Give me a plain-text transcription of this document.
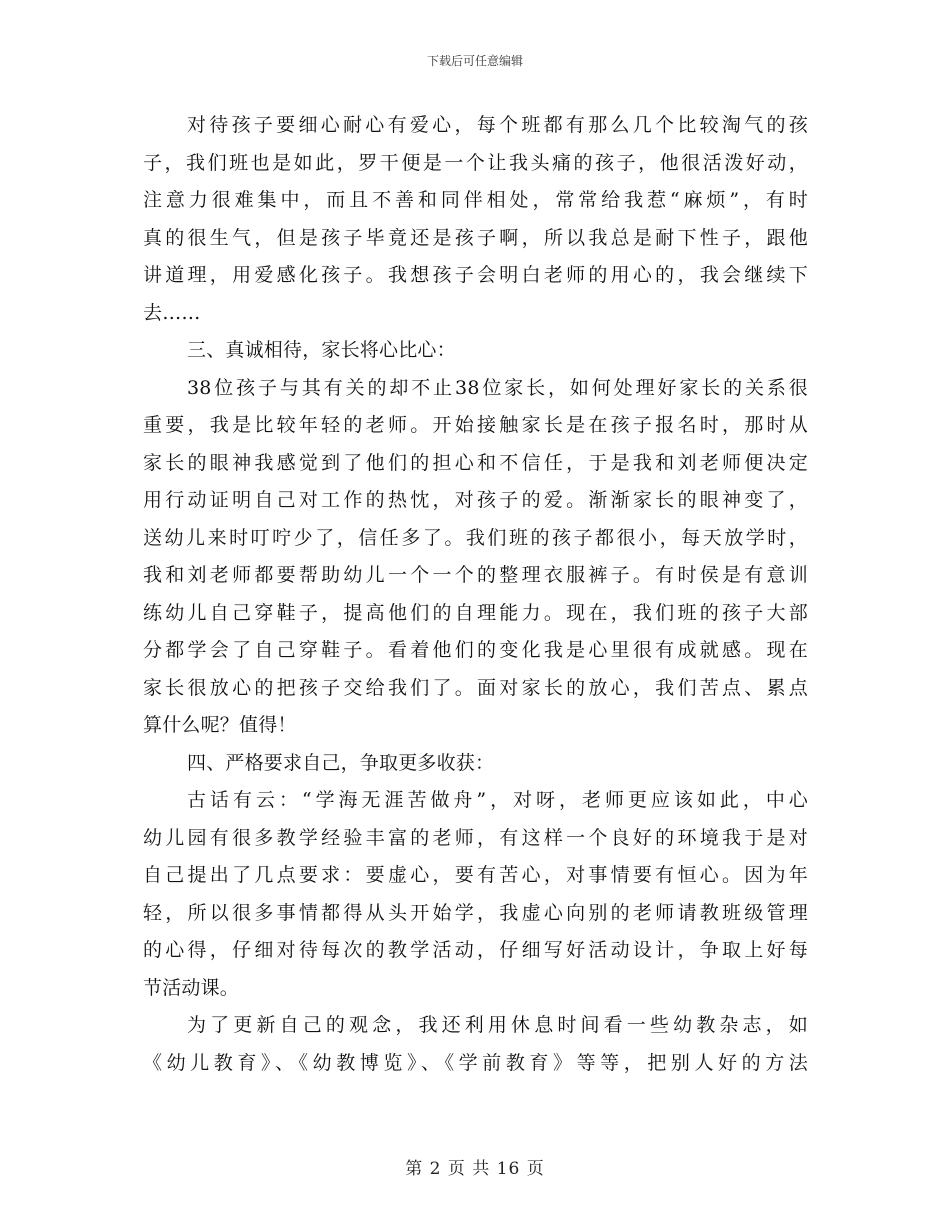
下载后可任意编辑
对待孩子要细心耐心有爱心，每个班都有那么几个比较淘气的孩
子，我们班也是如此，罗干便是一个让我头痛的孩子，他很活泼好动，
注意力很难集中，而且不善和同伴相处，常常给我惹“麻烦”，有时
真的很生气，但是孩子毕竟还是孩子啊，所以我总是耐下性子，跟他
讲道理，用爱感化孩子。我想孩子会明白老师的用心的，我会继续下
去……
三、真诚相待，家长将心比心：
38位孩子与其有关的却不止38位家长，如何处理好家长的关系很
重要，我是比较年轻的老师。开始接触家长是在孩子报名时，那时从
家长的眼神我感觉到了他们的担心和不信任，于是我和刘老师便决定
用行动证明自己对工作的热忱，对孩子的爱。渐渐家长的眼神变了，
送幼儿来时叮咛少了，信任多了。我们班的孩子都很小，每天放学时，
我和刘老师都要帮助幼儿一个一个的整理衣服裤子。有时侯是有意训
练幼儿自己穿鞋子，提高他们的自理能力。现在，我们班的孩子大部
分都学会了自己穿鞋子。看着他们的变化我是心里很有成就感。现在
家长很放心的把孩子交给我们了。面对家长的放心，我们苦点、累点
算什么呢？值得！
四、严格要求自己，争取更多收获：
古话有云：“学海无涯苦做舟”，对呀，老师更应该如此，中心
幼儿园有很多教学经验丰富的老师，有这样一个良好的环境我于是对
自己提出了几点要求：要虚心，要有苦心，对事情要有恒心。因为年
轻，所以很多事情都得从头开始学，我虚心向别的老师请教班级管理
的心得，仔细对待每次的教学活动，仔细写好活动设计，争取上好每
节活动课。
为了更新自己的观念，我还利用休息时间看一些幼教杂志，如
《幼儿教育》、《幼教博览》、《学前教育》等等，把别人好的方法
第 2 页 共 16 页
